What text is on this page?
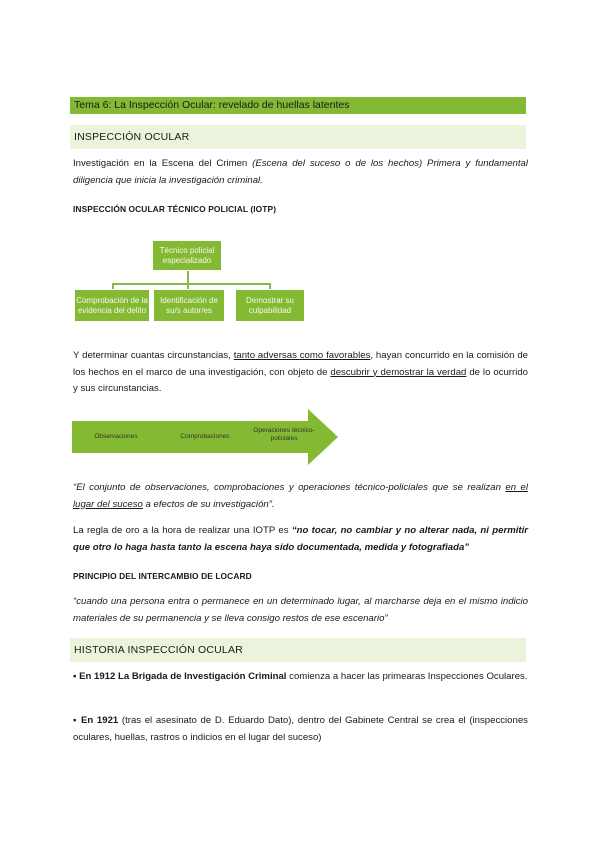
Tema 6: La Inspección Ocular: revelado de huellas latentes
INSPECCIÓN OCULAR
Investigación en la Escena del Crimen (Escena del suceso o de los hechos) Primera y fundamental diligencia que inicia la investigación criminal.
INSPECCIÓN OCULAR TÉCNICO POLICIAL (IOTP)
Técnico policial especializado
Comprobación de la evidencia del delito
Identificación de su/s autor/es
Demostrar su culpabilidad
Y determinar cuantas circunstancias, tanto adversas como favorables, hayan concurrido en la comisión de los hechos en el marco de una investigación, con objeto de descubrir y demostrar la verdad de lo ocurrido y sus circunstancias.
Observaciones	Comprobaciones
Operaciones técnico-policiales
“El conjunto de observaciones, comprobaciones y operaciones técnico-policiales que se realizan en el lugar del suceso a efectos de su investigación”.
La regla de oro a la hora de realizar una IOTP es “no tocar, no cambiar y no alterar nada, ni permitir que otro lo haga hasta tanto la escena haya sido documentada, medida y fotografiada”
PRINCIPIO DEL INTERCAMBIO DE LOCARD
“cuando una persona entra o permanece en un determinado lugar, al marcharse deja en el mismo indicio materiales de su permanencia y se lleva consigo restos de ese escenario”
HISTORIA INSPECCIÓN OCULAR
▪ En 1912 La Brigada de Investigación Criminal comienza a hacer las primearas Inspecciones Oculares.
▪ En 1921 (tras el asesinato de D. Eduardo Dato), dentro del Gabinete Central se crea el (inspecciones oculares, huellas, rastros o indicios en el lugar del suceso)
